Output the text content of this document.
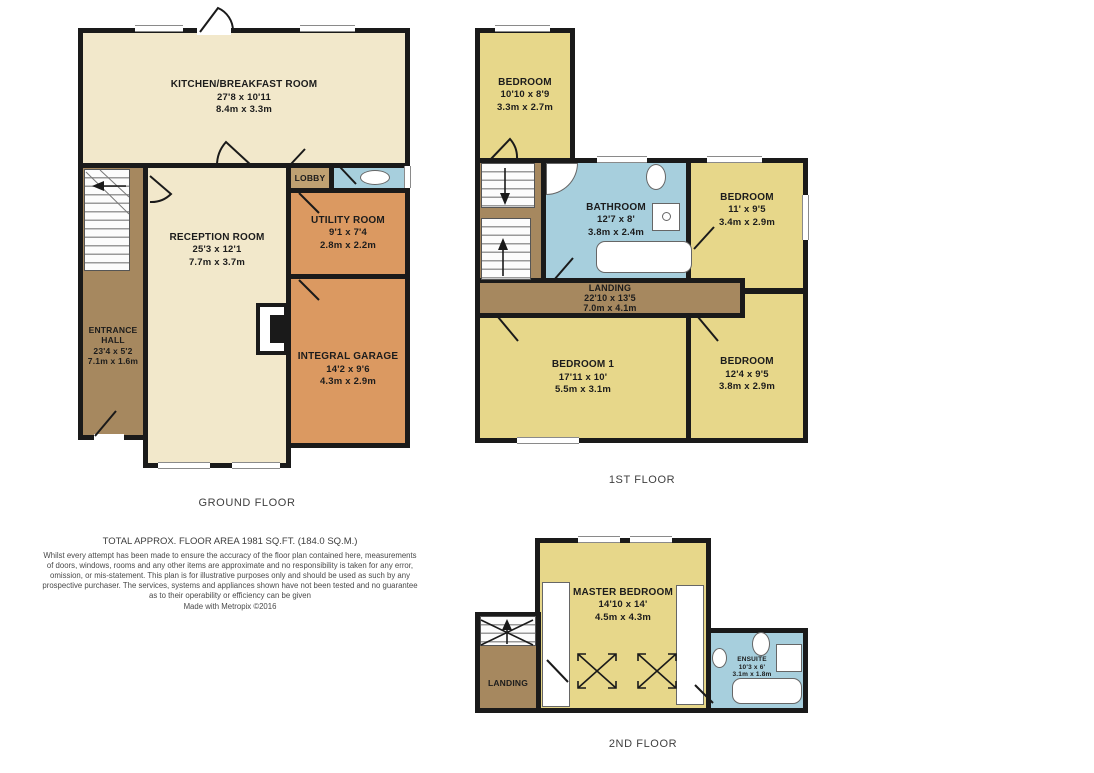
KITCHEN/BREAKFAST ROOM
27'8 x 10'11
8.4m x 3.3m
ENTRANCE HALL
23'4 x 5'2
7.1m x 1.6m
RECEPTION ROOM
25'3 x 12'1
7.7m x 3.7m
UTILITY ROOM
9'1 x 7'4
2.8m x 2.2m
INTEGRAL GARAGE
14'2 x 9'6
4.3m x 2.9m
LOBBY
BEDROOM
10'10 x 8'9
3.3m x 2.7m
BATHROOM
12'7 x 8'
3.8m x 2.4m
BEDROOM
11' x 9'5
3.4m x 2.9m
BEDROOM 1
17'11 x 10'
5.5m x 3.1m
BEDROOM
12'4 x 9'5
3.8m x 2.9m
LANDING
22'10 x 13'5
7.0m x 4.1m
MASTER BEDROOM
14'10 x 14'
4.5m x 4.3m
LANDING
ENSUITE
10'3 x 6'
3.1m x 1.8m
GROUND FLOOR
1ST FLOOR
2ND FLOOR
TOTAL APPROX. FLOOR AREA 1981 SQ.FT. (184.0 SQ.M.)
Whilst every attempt has been made to ensure the accuracy of the floor plan contained here, measurements
of doors, windows, rooms and any other items are approximate and no responsibility is taken for any error,
omission, or mis-statement. This plan is for illustrative purposes only and should be used as such by any
prospective purchaser. The services, systems and appliances shown have not been tested and no guarantee
as to their operability or efficiency can be given
Made with Metropix ©2016
